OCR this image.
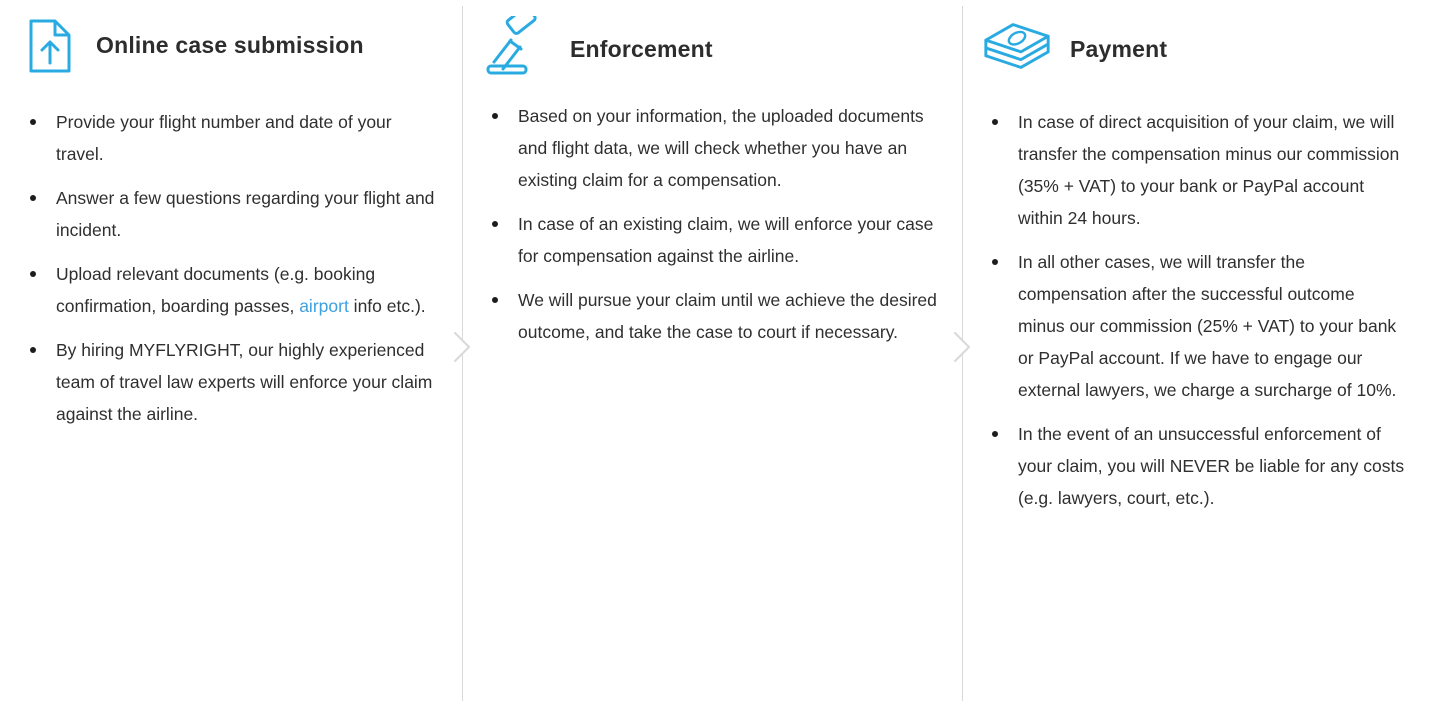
Online case submission
Provide your flight number and date of your travel.
Answer a few questions regarding your flight and incident.
Upload relevant documents (e.g. booking confirmation, boarding passes, airport info etc.).
By hiring MYFLYRIGHT, our highly experienced team of travel law experts will enforce your claim against the airline.
Enforcement
Based on your information, the uploaded documents and flight data, we will check whether you have an existing claim for a compensation.
In case of an existing claim, we will enforce your case for compensation against the airline.
We will pursue your claim until we achieve the desired outcome, and take the case to court if necessary.
Payment
In case of direct acquisition of your claim, we will transfer the compensation minus our commission (35% + VAT) to your bank or PayPal account within 24 hours.
In all other cases, we will transfer the compensation after the successful outcome minus our commission (25% + VAT) to your bank or PayPal account. If we have to engage our external lawyers, we charge a surcharge of 10%.
In the event of an unsuccessful enforcement of your claim, you will NEVER be liable for any costs (e.g. lawyers, court, etc.).
